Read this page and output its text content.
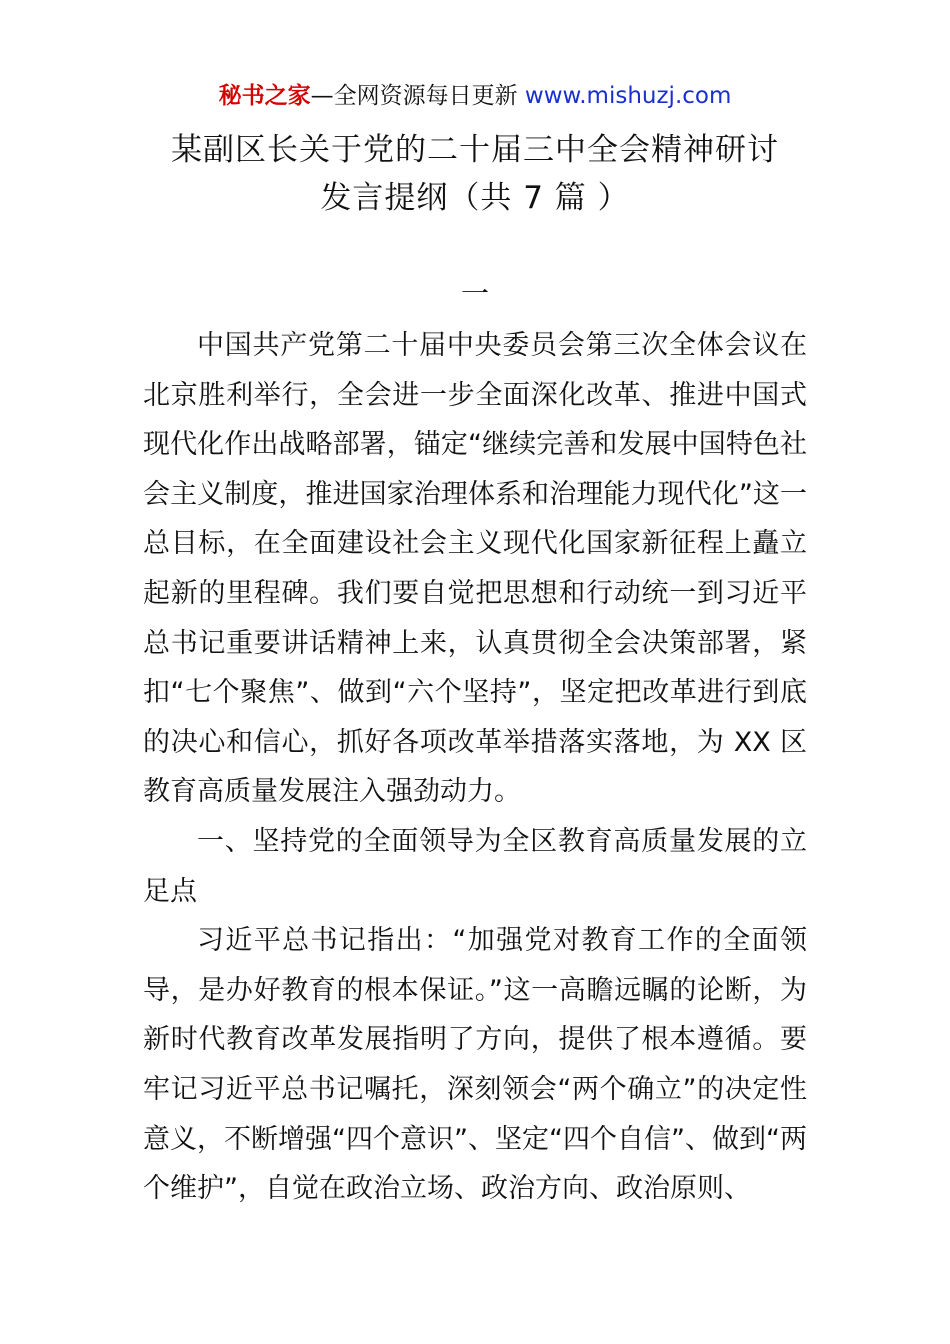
秘书之家—全网资源每日更新 www.mishuzj.com
某副区长关于党的二十届三中全会精神研讨
发言提纲（共 7 篇 ）
一

中国共产党第二十届中央委员会第三次全体会议在北京胜利举行，全会进一步全面深化改革、推进中国式现代化作出战略部署，锚定“继续完善和发展中国特色社会主义制度，推进国家治理体系和治理能力现代化”这一总目标，在全面建设社会主义现代化国家新征程上矗立起新的里程碑。我们要自觉把思想和行动统一到习近平总书记重要讲话精神上来，认真贯彻全会决策部署，紧扣“七个聚焦”、做到“六个坚持”，坚定把改革进行到底的决心和信心，抓好各项改革举措落实落地，为 XX 区教育高质量发展注入强劲动力。

一、坚持党的全面领导为全区教育高质量发展的立足点

习近平总书记指出：“加强党对教育工作的全面领导，是办好教育的根本保证。”这一高瞻远瞩的论断，为新时代教育改革发展指明了方向，提供了根本遵循。要牢记习近平总书记嘱托，深刻领会“两个确立”的决定性意义，不断增强“四个意识”、坚定“四个自信”、做到“两个维护”，自觉在政治立场、政治方向、政治原则、
